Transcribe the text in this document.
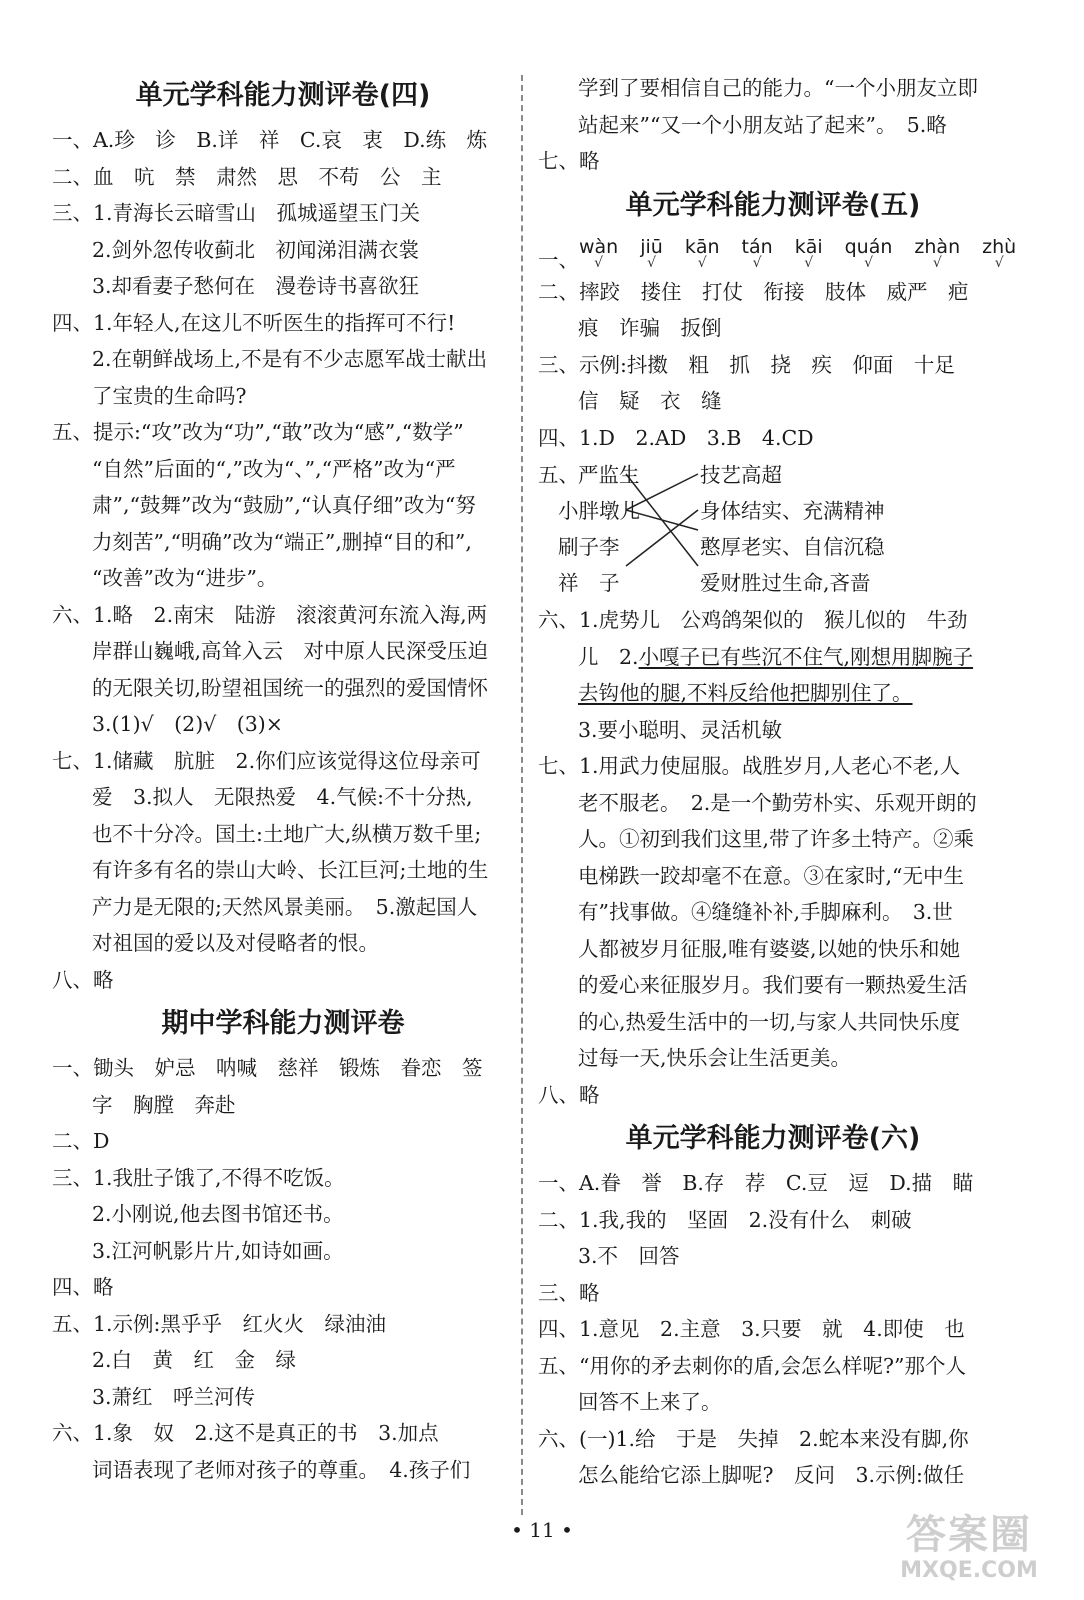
单元学科能力测评卷(四)
一、A.珍　诊　B.详　祥　C.哀　衷　D.练　炼
二、血　吭　禁　肃然　思　不苟　公　主
三、1.青海长云暗雪山　孤城遥望玉门关
2.剑外忽传收蓟北　初闻涕泪满衣裳
3.却看妻子愁何在　漫卷诗书喜欲狂
四、1.年轻人,在这儿不听医生的指挥可不行!
2.在朝鲜战场上,不是有不少志愿军战士献出
了宝贵的生命吗?
五、提示:“攻”改为“功”,“敢”改为“感”,“数学”
“自然”后面的“,”改为“、”,“严格”改为“严
肃”,“鼓舞”改为“鼓励”,“认真仔细”改为“努
力刻苦”,“明确”改为“端正”,删掉“目的和”,
“改善”改为“进步”。
六、1.略　2.南宋　陆游　滚滚黄河东流入海,两
岸群山巍峨,高耸入云　对中原人民深受压迫
的无限关切,盼望祖国统一的强烈的爱国情怀
3.(1)√　(2)√　(3)×
七、1.储藏　肮脏　2.你们应该觉得这位母亲可
爱　3.拟人　无限热爱　4.气候:不十分热,
也不十分冷。国土:土地广大,纵横万数千里;
有许多有名的崇山大岭、长江巨河;土地的生
产力是无限的;天然风景美丽。　5.激起国人
对祖国的爱以及对侵略者的恨。
八、略
期中学科能力测评卷
一、锄头　妒忌　呐喊　慈祥　锻炼　眷恋　签
字　胸膛　奔赴
二、D
三、1.我肚子饿了,不得不吃饭。
2.小刚说,他去图书馆还书。
3.江河帆影片片,如诗如画。
四、略
五、1.示例:黑乎乎　红火火　绿油油
2.白　黄　红　金　绿
3.萧红　呼兰河传
六、1.象　奴　2.这不是真正的书　3.加点
词语表现了老师对孩子的尊重。　4.孩子们
学到了要相信自己的能力。“一个小朋友立即
站起来”“又一个小朋友站了起来”。　5.略
七、略
单元学科能力测评卷(五)
一、wàn
√
jiū
√
kān
√
tán
√
kāi
√
quán
√
zhàn
√
zhù
√
二、摔跤　搂住　打仗　衔接　肢体　威严　疤
痕　诈骗　扳倒
三、示例:抖擞　粗　抓　挠　疾　仰面　十足
信　疑　衣　缝
四、1.D　2.AD　3.B　4.CD
五、 严监生
小胖墩儿
刷子李
祥　子
技艺高超
身体结实、充满精神
憨厚老实、自信沉稳
爱财胜过生命,吝啬
六、1.虎势儿　公鸡鸽架似的　猴儿似的　牛劲
儿　2.小嘎子已有些沉不住气,刚想用脚腕子
去钩他的腿,不料反给他把脚别住了。
3.要小聪明、灵活机敏
七、1.用武力使屈服。战胜岁月,人老心不老,人
老不服老。　2.是一个勤劳朴实、乐观开朗的
人。①初到我们这里,带了许多土特产。②乘
电梯跌一跤却毫不在意。③在家时,“无中生
有”找事做。④缝缝补补,手脚麻利。　3.世
人都被岁月征服,唯有婆婆,以她的快乐和她
的爱心来征服岁月。我们要有一颗热爱生活
的心,热爱生活中的一切,与家人共同快乐度
过每一天,快乐会让生活更美。
八、略
单元学科能力测评卷(六)
一、A.眷　誉　B.存　荐　C.豆　逗　D.描　瞄
二、1.我,我的　坚固　2.没有什么　刺破
3.不　回答
三、略
四、1.意见　2.主意　3.只要　就　4.即使　也
五、“用你的矛去刺你的盾,会怎么样呢?”那个人
回答不上来了。
六、(一)1.给　于是　失掉　2.蛇本来没有脚,你
怎么能给它添上脚呢?　反问　3.示例:做任
• 11 •	答案圈
MXQE.COM
